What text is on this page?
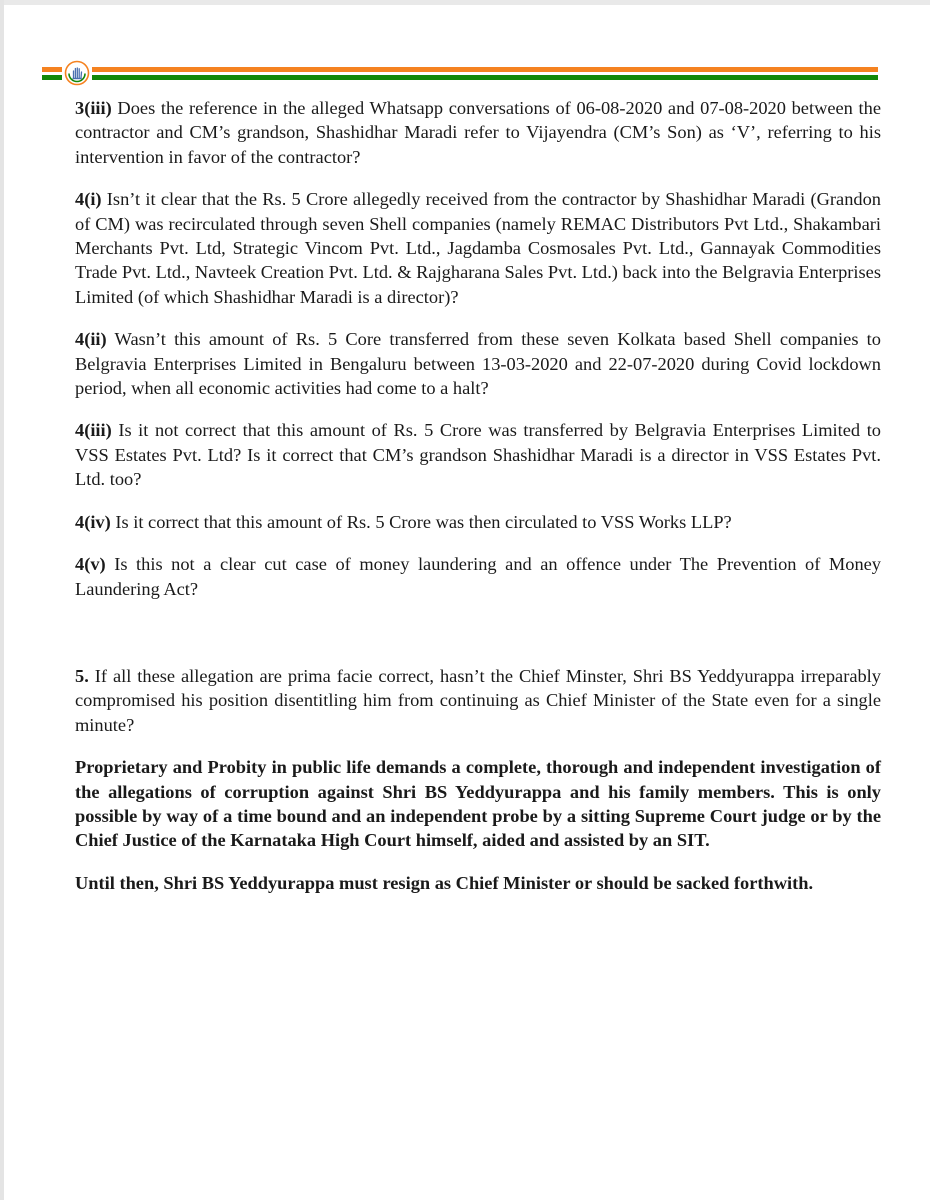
3(iii) Does the reference in the alleged Whatsapp conversations of 06-08-2020 and 07-08-2020 between the contractor and CM’s grandson, Shashidhar Maradi refer to Vijayendra (CM’s Son) as ‘V’, referring to his intervention in favor of the contractor?

4(i) Isn’t it clear that the Rs. 5 Crore allegedly received from the contractor by Shashidhar Maradi (Grandon of CM) was recirculated through seven Shell companies (namely REMAC Distributors Pvt Ltd., Shakambari Merchants Pvt. Ltd, Strategic Vincom Pvt. Ltd., Jagdamba Cosmosales Pvt. Ltd., Gannayak Commodities Trade Pvt. Ltd., Navteek Creation Pvt. Ltd. & Rajgharana Sales Pvt. Ltd.) back into the Belgravia Enterprises Limited (of which Shashidhar Maradi is a director)?

4(ii) Wasn’t this amount of Rs. 5 Core transferred from these seven Kolkata based Shell companies to Belgravia Enterprises Limited in Bengaluru between 13-03-2020 and 22-07-2020 during Covid lockdown period, when all economic activities had come to a halt?

4(iii) Is it not correct that this amount of Rs. 5 Crore was transferred by Belgravia Enterprises Limited to VSS Estates Pvt. Ltd? Is it correct that CM’s grandson Shashidhar Maradi is a director in VSS Estates Pvt. Ltd. too?

4(iv) Is it correct that this amount of Rs. 5 Crore was then circulated to VSS Works LLP?

4(v) Is this not a clear cut case of money laundering and an offence under The Prevention of Money Laundering Act?

5. If all these allegation are prima facie correct, hasn’t the Chief Minster, Shri BS Yeddyurappa irreparably compromised his position disentitling him from continuing as Chief Minister of the State even for a single minute?

Proprietary and Probity in public life demands a complete, thorough and independent investigation of the allegations of corruption against Shri BS Yeddyurappa and his family members. This is only possible by way of a time bound and an independent probe by a sitting Supreme Court judge or by the Chief Justice of the Karnataka High Court himself, aided and assisted by an SIT.

Until then, Shri BS Yeddyurappa must resign as Chief Minister or should be sacked forthwith.
